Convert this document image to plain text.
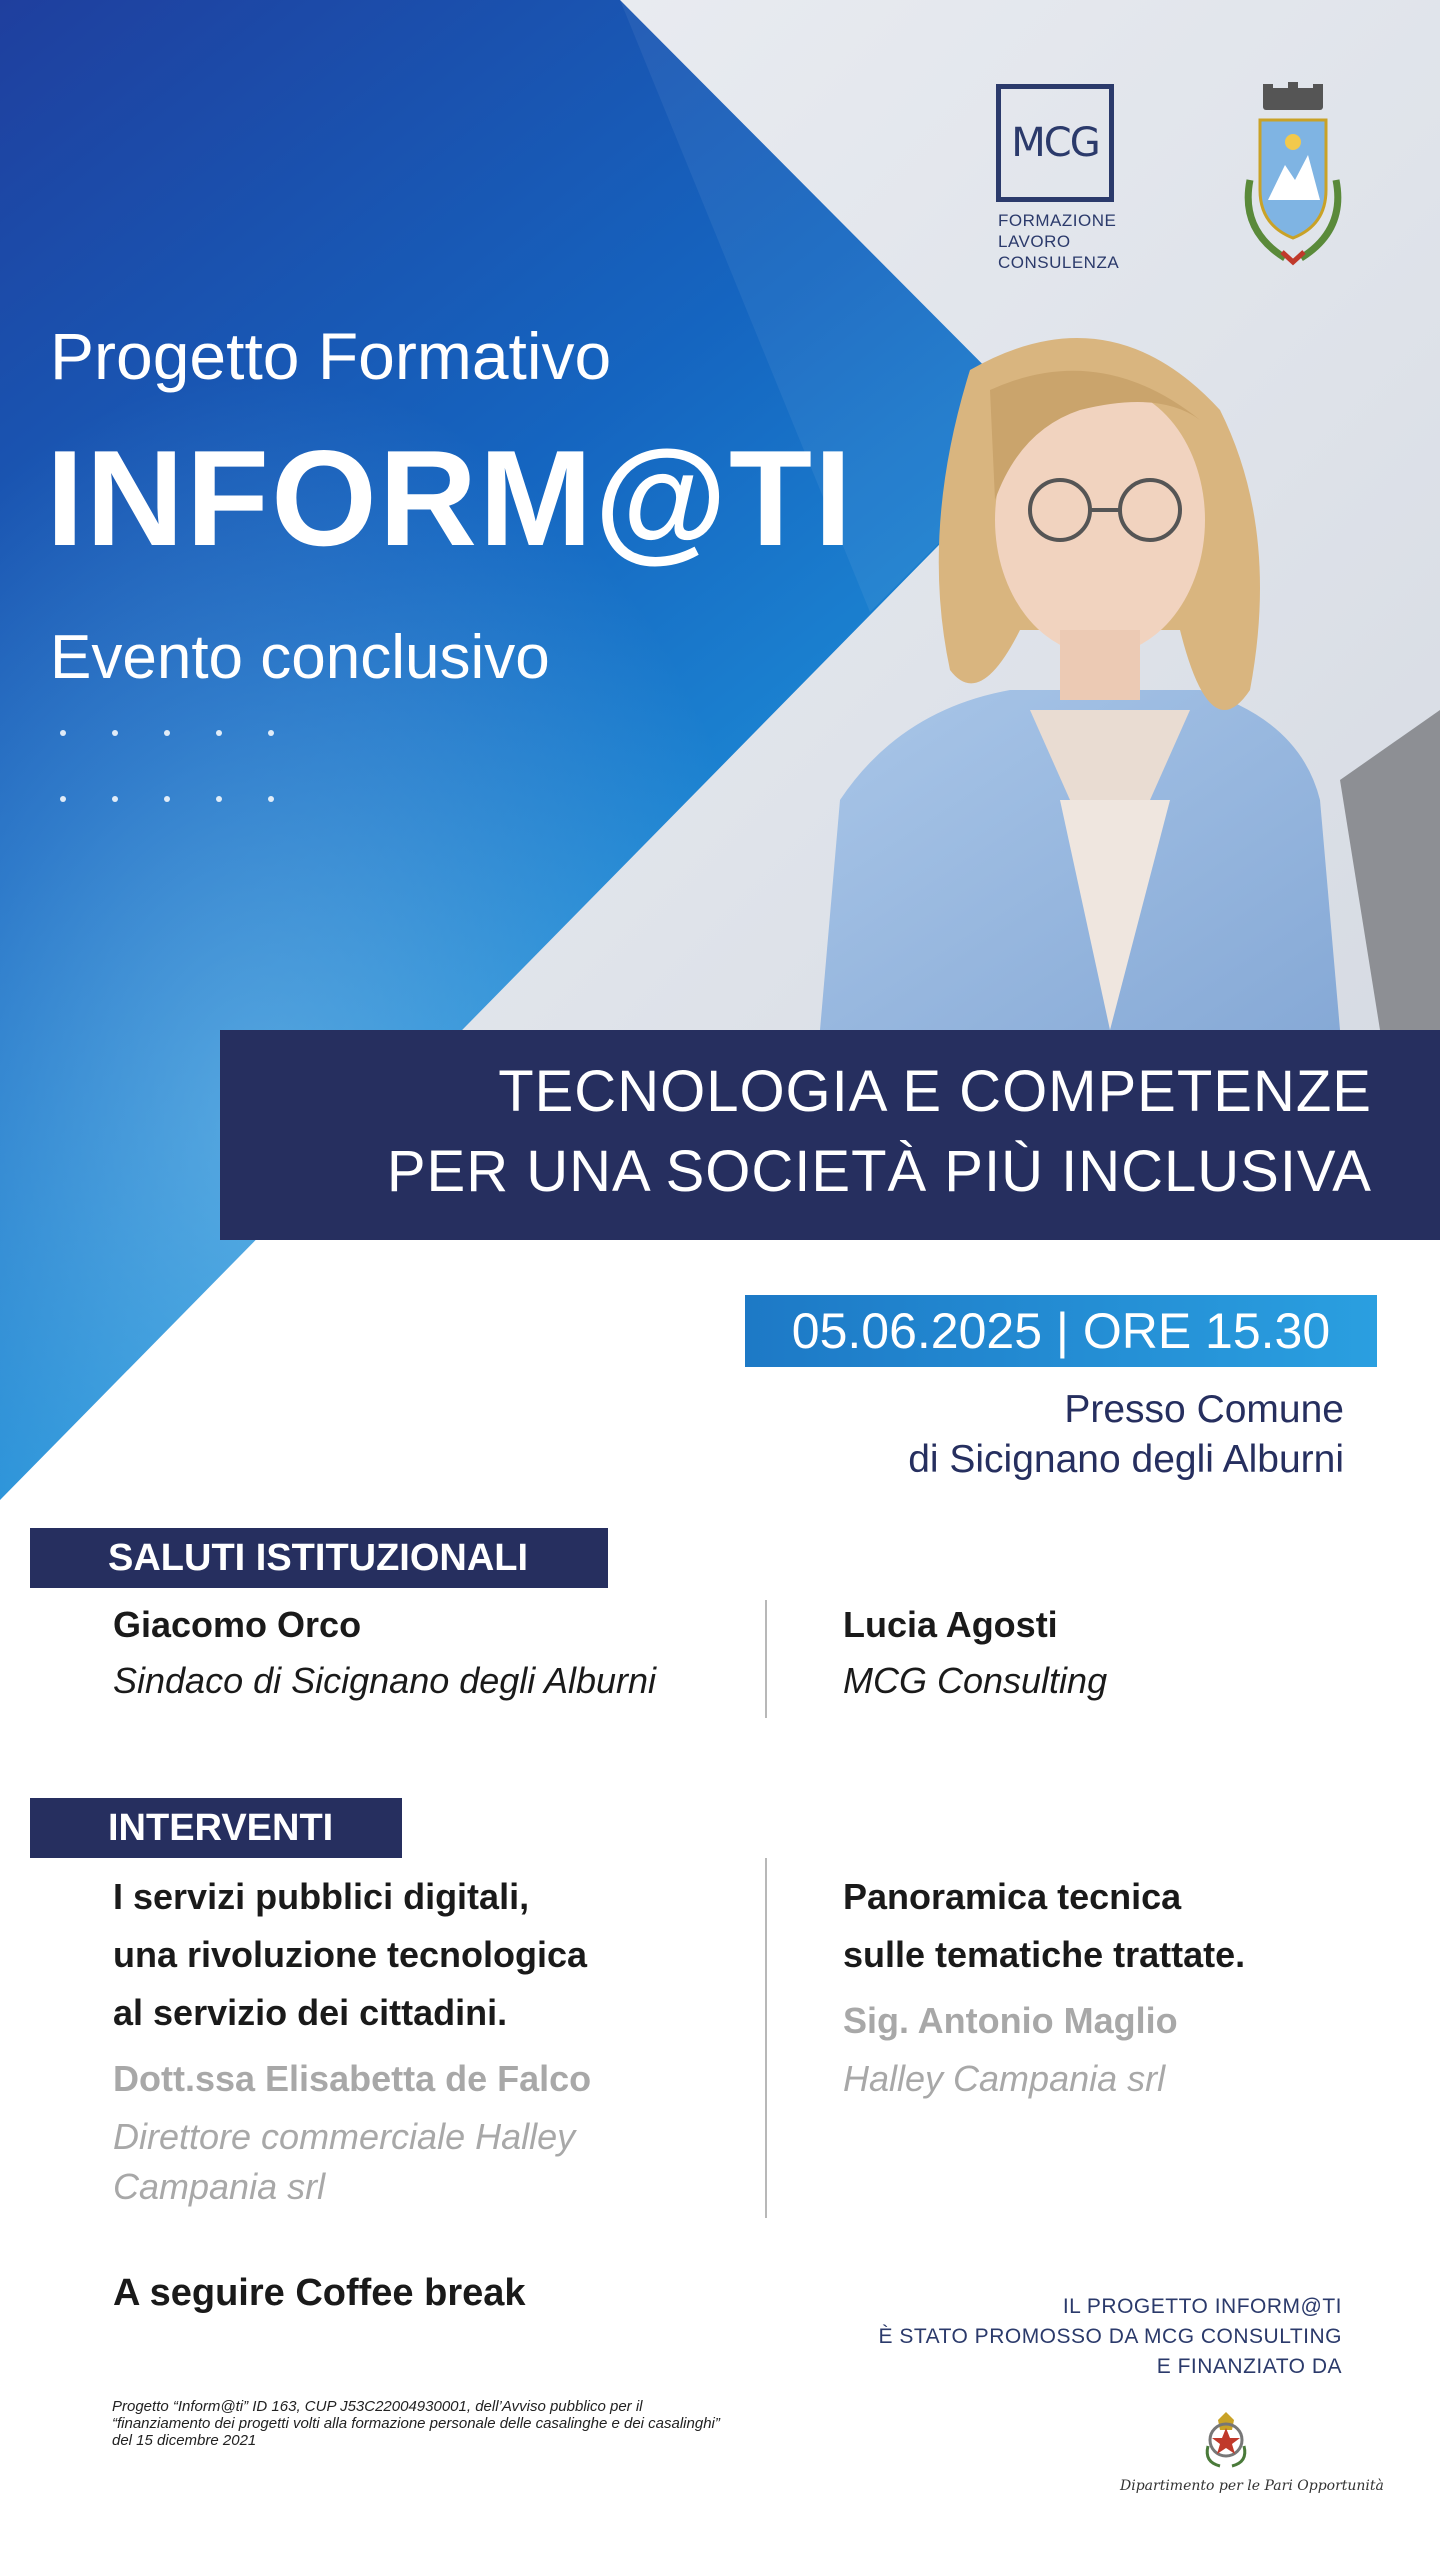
MCG
FORMAZIONE
LAVORO
CONSULENZA
Progetto Formativo
INFORM@TI
Evento conclusivo
TECNOLOGIA E COMPETENZE
PER UNA SOCIETÀ PIÙ INCLUSIVA
05.06.2025 | ORE 15.30
Presso Comune
di Sicignano degli Alburni
SALUTI ISTITUZIONALI
Giacomo Orco
Sindaco di Sicignano degli Alburni
Lucia Agosti
MCG Consulting
INTERVENTI
I servizi pubblici digitali,
una rivoluzione tecnologica
al servizio dei cittadini.
Dott.ssa Elisabetta de Falco
Direttore commerciale Halley
Campania srl
Panoramica tecnica
sulle tematiche trattate.
Sig. Antonio Maglio
Halley Campania srl
A seguire Coffee break	IL PROGETTO INFORM@TI
È STATO PROMOSSO DA MCG CONSULTING
E FINANZIATO DA
Progetto “Inform@ti” ID 163, CUP J53C22004930001, dell’Avviso pubblico per il “finanziamento dei progetti volti alla formazione personale delle casalinghe e dei casalinghi” del 15 dicembre 2021
Dipartimento per le Pari Opportunità
